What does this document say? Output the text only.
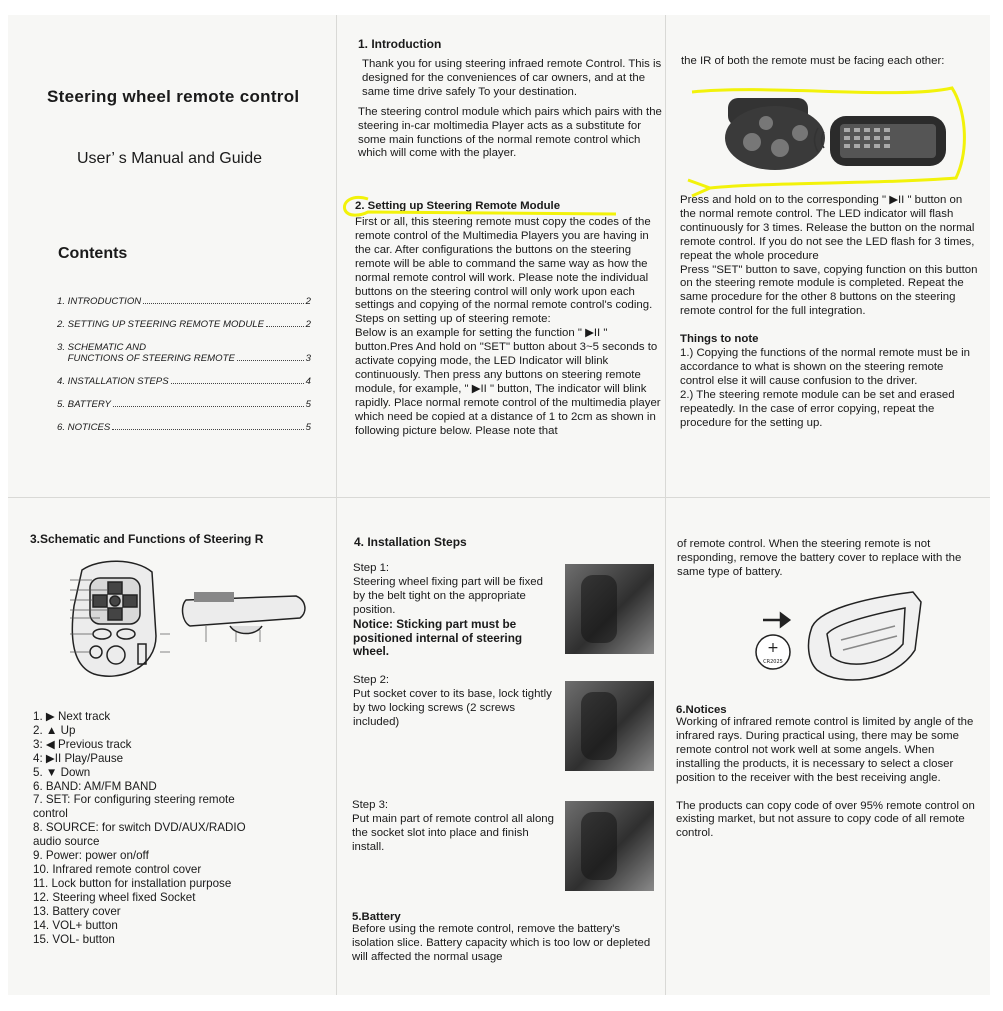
Steering wheel remote control
User’ s Manual and Guide
Contents
1. INTRODUCTION	2
2. SETTING UP STEERING REMOTE MODULE	2
3. SCHEMATIC AND
FUNCTIONS OF STEERING REMOTE	3
4. INSTALLATION STEPS	4
5. BATTERY	5
6. NOTICES	5

1. Introduction

Thank you for using steering infraed remote Control. This is designed for the conveniences of car owners, and at the same time drive safely To your destination.

The steering control module which pairs which pairs with the steering in-car moltimedia Player acts as a substitute for some main functions of the normal remote control which which will come with the player.

2. Setting up Steering Remote Module

First or all, this steering remote must copy the codes of the remote control of the Multimedia Players you are having in the car. After configurations the buttons on the steering remote will be able to command the same way as how the normal remote control will work. Please note the individual buttons on the steering control will only work upon each settings and copying of the normal remote control's coding.

Steps on setting up of steering remote:

Below is an example for setting the function " ▶II " button.Pres And hold on "SET" button about 3~5 seconds to activate copying mode, the LED Indicator will blink continuously. Then press any buttons on steering remote module, for example, " ▶II " button, The indicator will blink rapidly. Place normal remote control of the multimedia player which need be copied at a distance of 1 to 2cm as shown in following picture below. Please note that

the IR of both the remote must be facing each other:

Press and hold on to the corresponding " ▶II " button on the normal remote control. The LED indicator will flash continuously for 3 times. Release the button on the normal remote control. If you do not see the LED flash for 3 times, repeat the whole procedure

Press "SET" button to save, copying function on this button on the steering remote module is completed. Repeat the same procedure for the other 8 buttons on the steering remote control for the full integration.

Things to note

1.) Copying the functions of the normal remote must be in accordance to what is shown on the steering remote control else it will cause confusion to the driver.

2.) The steering remote module can be set and erased repeatedly. In the case of error copying, repeat the procedure for the setting up.

3.Schematic and Functions of Steering R

1. ▶ Next track
2. ▲ Up
3: ◀ Previous track
4: ▶II Play/Pause
5. ▼ Down
6. BAND: AM/FM BAND
7. SET: For configuring steering remote
control
8. SOURCE: for switch DVD/AUX/RADIO
audio source
9. Power: power on/off
10. Infrared remote control cover
11. Lock button for installation purpose
12. Steering wheel fixed Socket
13. Battery cover
14. VOL+ button
15. VOL- button

4. Installation Steps

Step 1:

Steering wheel fixing part will be fixed by the belt tight on the appropriate position.

Notice: Sticking part must be positioned internal of steering wheel.

Step 2:

Put socket cover to its base, lock tightly by two locking screws (2 screws included)

Step 3:

Put main part of remote control all along the socket slot into place and finish install.

5.Battery

Before using the remote control, remove the battery's isolation slice. Battery capacity which is too low or depleted will affected the normal usage

of remote control. When the steering remote is not responding, remove the battery cover to replace with the same type of battery.

+
CR2025

6.Notices

Working of infrared remote control is limited by angle of the infrared rays. During practical using, there may be some remote control not work well at some angels. When installing the products, it is necessary to select a closer position to the receiver with the best receiving angle.

The products can copy code of over 95% remote control on existing market, but not assure to copy code of all remote control.
